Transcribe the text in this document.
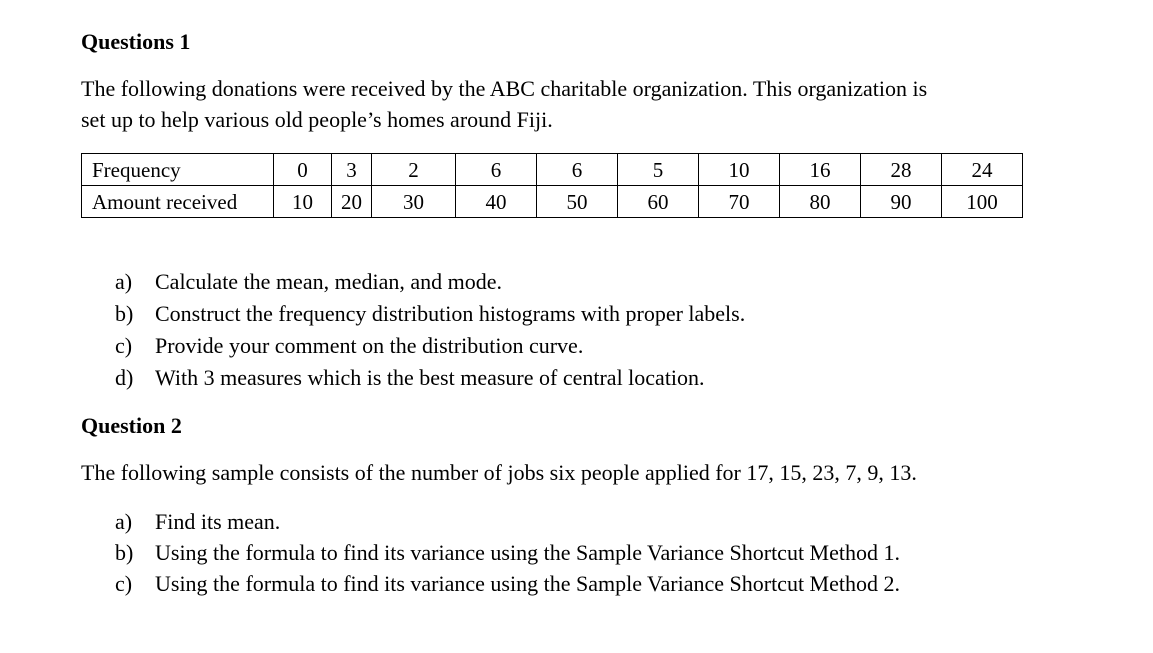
Questions 1
The following donations were received by the ABC charitable organization. This organization is
set up to help various old people’s homes around Fiji.
Frequency	0	3	2	6	6	5	10	16	28	24
Amount received	10	20	30	40	50	60	70	80	90	100
a) Calculate the mean, median, and mode.
b) Construct the frequency distribution histograms with proper labels.
c) Provide your comment on the distribution curve.
d) With 3 measures which is the best measure of central location.
Question 2
The following sample consists of the number of jobs six people applied for 17, 15, 23, 7, 9, 13.
a) Find its mean.
b) Using the formula to find its variance using the Sample Variance Shortcut Method 1.
c) Using the formula to find its variance using the Sample Variance Shortcut Method 2.
